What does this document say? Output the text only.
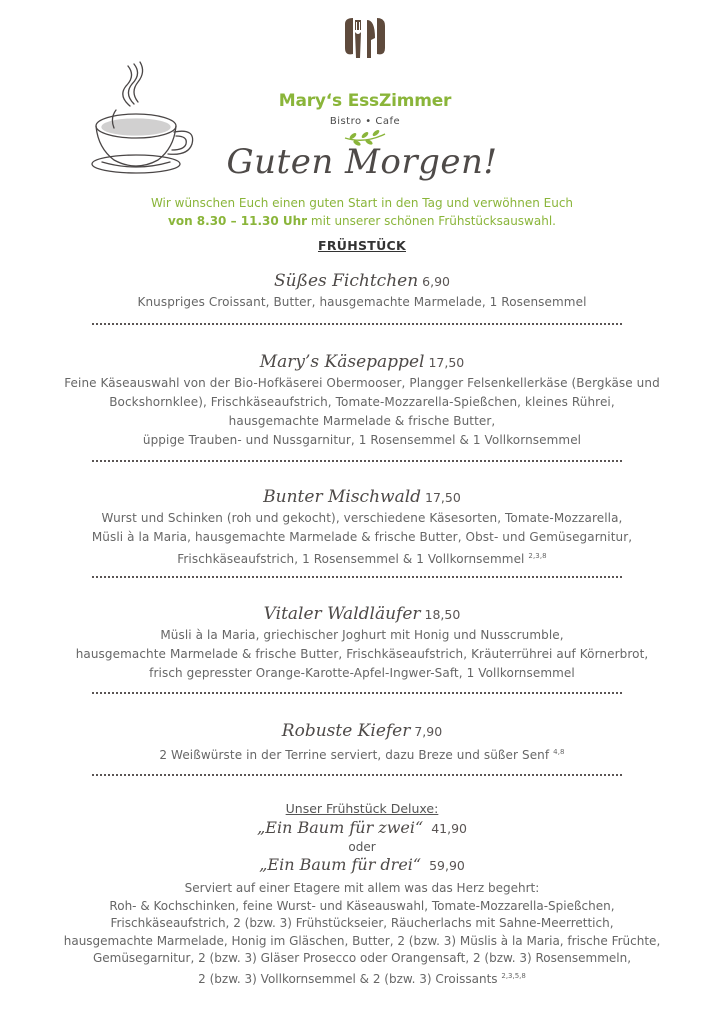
Mary‘s EssZimmer
Bistro • Cafe
Guten Morgen!
Wir wünschen Euch einen guten Start in den Tag und verwöhnen Euch
von 8.30 – 11.30 Uhr mit unserer schönen Frühstücksauswahl.
FRÜHSTÜCK
Süßes Fichtchen 6,90
Knuspriges Croissant, Butter, hausgemachte Marmelade, 1 Rosensemmel
Mary’s Käsepappel 17,50
Feine Käseauswahl von der Bio-Hofkäserei Obermooser, Plangger Felsenkellerkäse (Bergkäse und
Bockshornklee), Frischkäseaufstrich, Tomate-Mozzarella-Spießchen, kleines Rührei,
hausgemachte Marmelade & frische Butter,
üppige Trauben- und Nussgarnitur, 1 Rosensemmel & 1 Vollkornsemmel
Bunter Mischwald 17,50
Wurst und Schinken (roh und gekocht), verschiedene Käsesorten, Tomate-Mozzarella,
Müsli à la Maria, hausgemachte Marmelade & frische Butter, Obst- und Gemüsegarnitur,
Frischkäseaufstrich, 1 Rosensemmel & 1 Vollkornsemmel $^{2,3,8}$
Vitaler Waldläufer 18,50
Müsli à la Maria, griechischer Joghurt mit Honig und Nusscrumble,
hausgemachte Marmelade & frische Butter, Frischkäseaufstrich, Kräuterrührei auf Körnerbrot,
frisch gepresster Orange-Karotte-Apfel-Ingwer-Saft, 1 Vollkornsemmel
Robuste Kiefer 7,90
2 Weißwürste in der Terrine serviert, dazu Breze und süßer Senf $^{4,8}$
Unser Frühstück Deluxe:
„Ein Baum für zwei“ 41,90
oder
„Ein Baum für drei“ 59,90
Serviert auf einer Etagere mit allem was das Herz begehrt:
Roh- & Kochschinken, feine Wurst- und Käseauswahl, Tomate-Mozzarella-Spießchen,
Frischkäseaufstrich, 2 (bzw. 3) Frühstückseier, Räucherlachs mit Sahne-Meerrettich,
hausgemachte Marmelade, Honig im Gläschen, Butter, 2 (bzw. 3) Müslis à la Maria, frische Früchte,
Gemüsegarnitur, 2 (bzw. 3) Gläser Prosecco oder Orangensaft, 2 (bzw. 3) Rosensemmeln,
2 (bzw. 3) Vollkornsemmel & 2 (bzw. 3) Croissants $^{2,3,5,8}$
